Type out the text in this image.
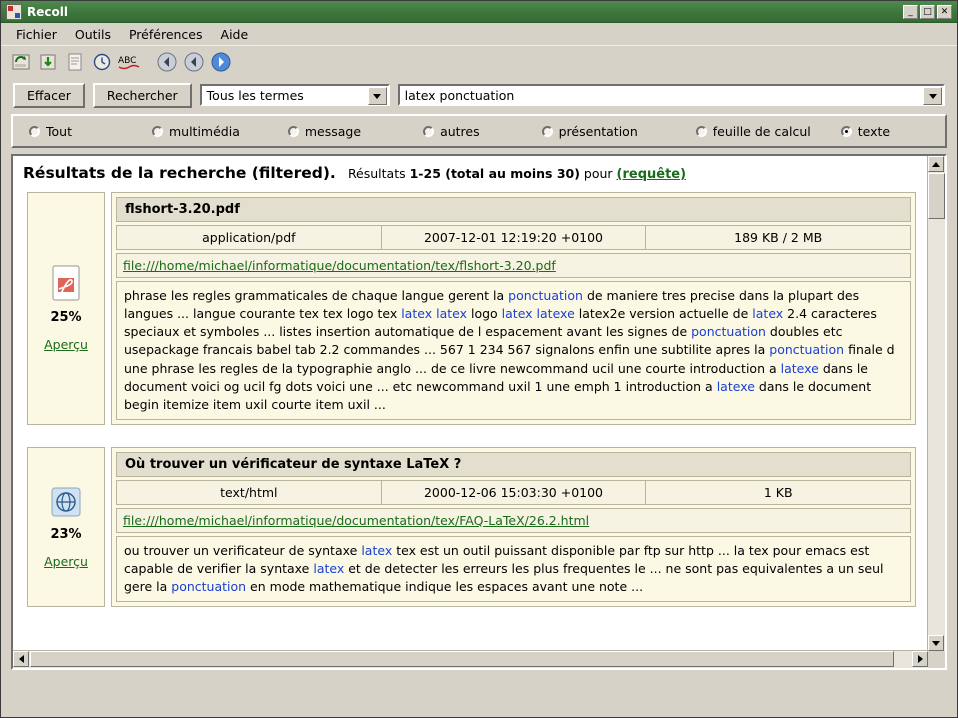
Recoll	_	□ ✕
Fichier	Outils	Préférences	Aide
ABC
Effacer	Rechercher	Tous les termes	latex ponctuation
Tout	multimédia	message	autres	présentation	feuille de calcul	texte
Résultats de la recherche (filtered). Résultats 1-25 (total au moins 30) pour (requête)
25%
Aperçu
flshort-3.20.pdf
application/pdf	2007-12-01 12:19:20 +0100	189 KB / 2 MB
file:///home/michael/informatique/documentation/tex/flshort-3.20.pdf
phrase les regles grammaticales de chaque langue gerent la ponctuation de maniere tres precise dans la plupart des langues ... langue courante tex tex logo tex latex latex logo latex latexe latex2e version actuelle de latex 2.4 caracteres speciaux et symboles ... listes insertion automatique de l espacement avant les signes de ponctuation doubles etc usepackage francais babel tab 2.2 commandes ... 567 1 234 567 signalons enfin une subtilite apres la ponctuation finale d une phrase les regles de la typographie anglo ... de ce livre newcommand ucil une courte introduction a latexe dans le document voici og ucil fg dots voici une ... etc newcommand uxil 1 une emph 1 introduction a latexe dans le document begin itemize item uxil courte item uxil ...
23%
Aperçu
Où trouver un vérificateur de syntaxe LaTeX ?
text/html	2000-12-06 15:03:30 +0100	1 KB
file:///home/michael/informatique/documentation/tex/FAQ-LaTeX/26.2.html
ou trouver un verificateur de syntaxe latex tex est un outil puissant disponible par ftp sur http ... la tex pour emacs est capable de verifier la syntaxe latex et de detecter les erreurs les plus frequentes le ... ne sont pas equivalentes a un seul gere la ponctuation en mode mathematique indique les espaces avant une note ...
